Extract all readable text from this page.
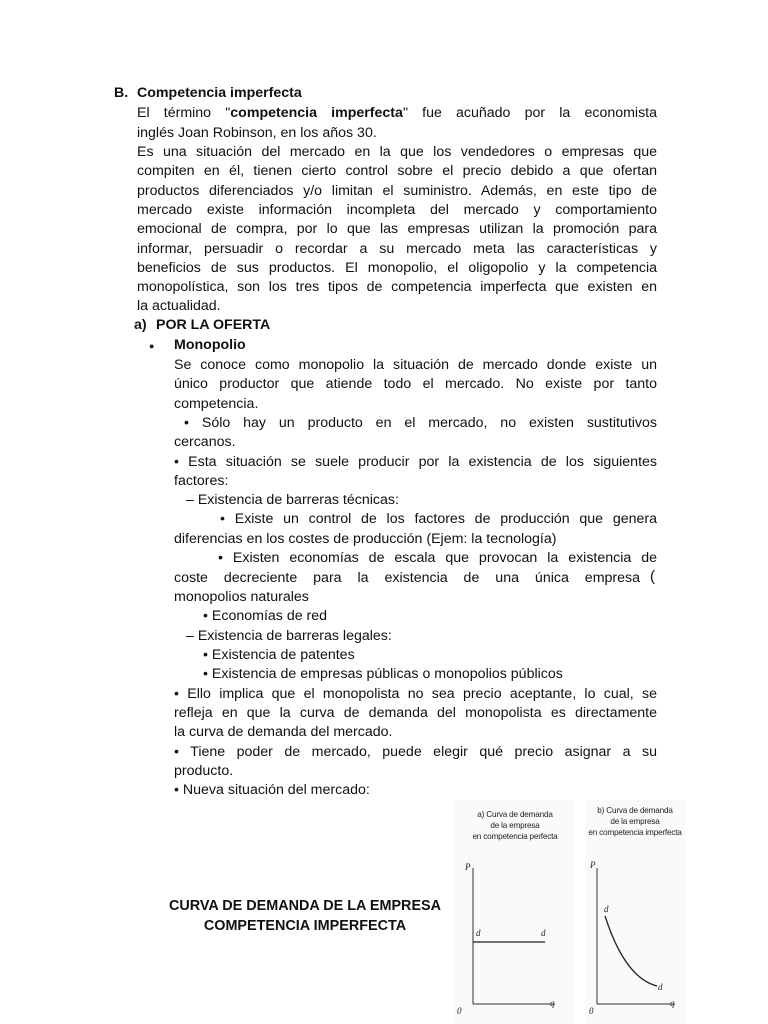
B. Competencia imperfecta
El término "competencia imperfecta" fue acuñado por la economista
inglés Joan Robinson, en los años 30.
Es una situación del mercado en la que los vendedores o empresas que
compiten en él, tienen cierto control sobre el precio debido a que ofertan
productos diferenciados y/o limitan el suministro. Además, en este tipo de
mercado existe información incompleta del mercado y comportamiento
emocional de compra, por lo que las empresas utilizan la promoción para
informar, persuadir o recordar a su mercado meta las características y
beneficios de sus productos. El monopolio, el oligopolio y la competencia
monopolística, son los tres tipos de competencia imperfecta que existen en
la actualidad.
a) POR LA OFERTA
● Monopolio
Se conoce como monopolio la situación de mercado donde existe un
único productor que atiende todo el mercado. No existe por tanto
competencia.
• Sólo hay un producto en el mercado, no existen sustitutivos
cercanos.
• Esta situación se suele producir por la existencia de los siguientes
factores:
– Existencia de barreras técnicas:
• Existe un control de los factores de producción que genera
diferencias en los costes de producción (Ejem: la tecnología)
• Existen economías de escala que provocan la existencia de
coste decreciente para la existencia de una única empresa (
monopolios naturales
• Economías de red
– Existencia de barreras legales:
• Existencia de patentes
• Existencia de empresas públicas o monopolios públicos
• Ello implica que el monopolista no sea precio aceptante, lo cual, se
refleja en que la curva de demanda del monopolista es directamente
la curva de demanda del mercado.
• Tiene poder de mercado, puede elegir qué precio asignar a su
producto.
• Nueva situación del mercado:
CURVA DE DEMANDA DE LA EMPRESA
COMPETENCIA IMPERFECTA
a) Curva de demanda
de la empresa
en competencia perfecta
P
d	d
0
q
b) Curva de demanda
de la empresa
en competencia imperfecta
P
d
d
0
q
